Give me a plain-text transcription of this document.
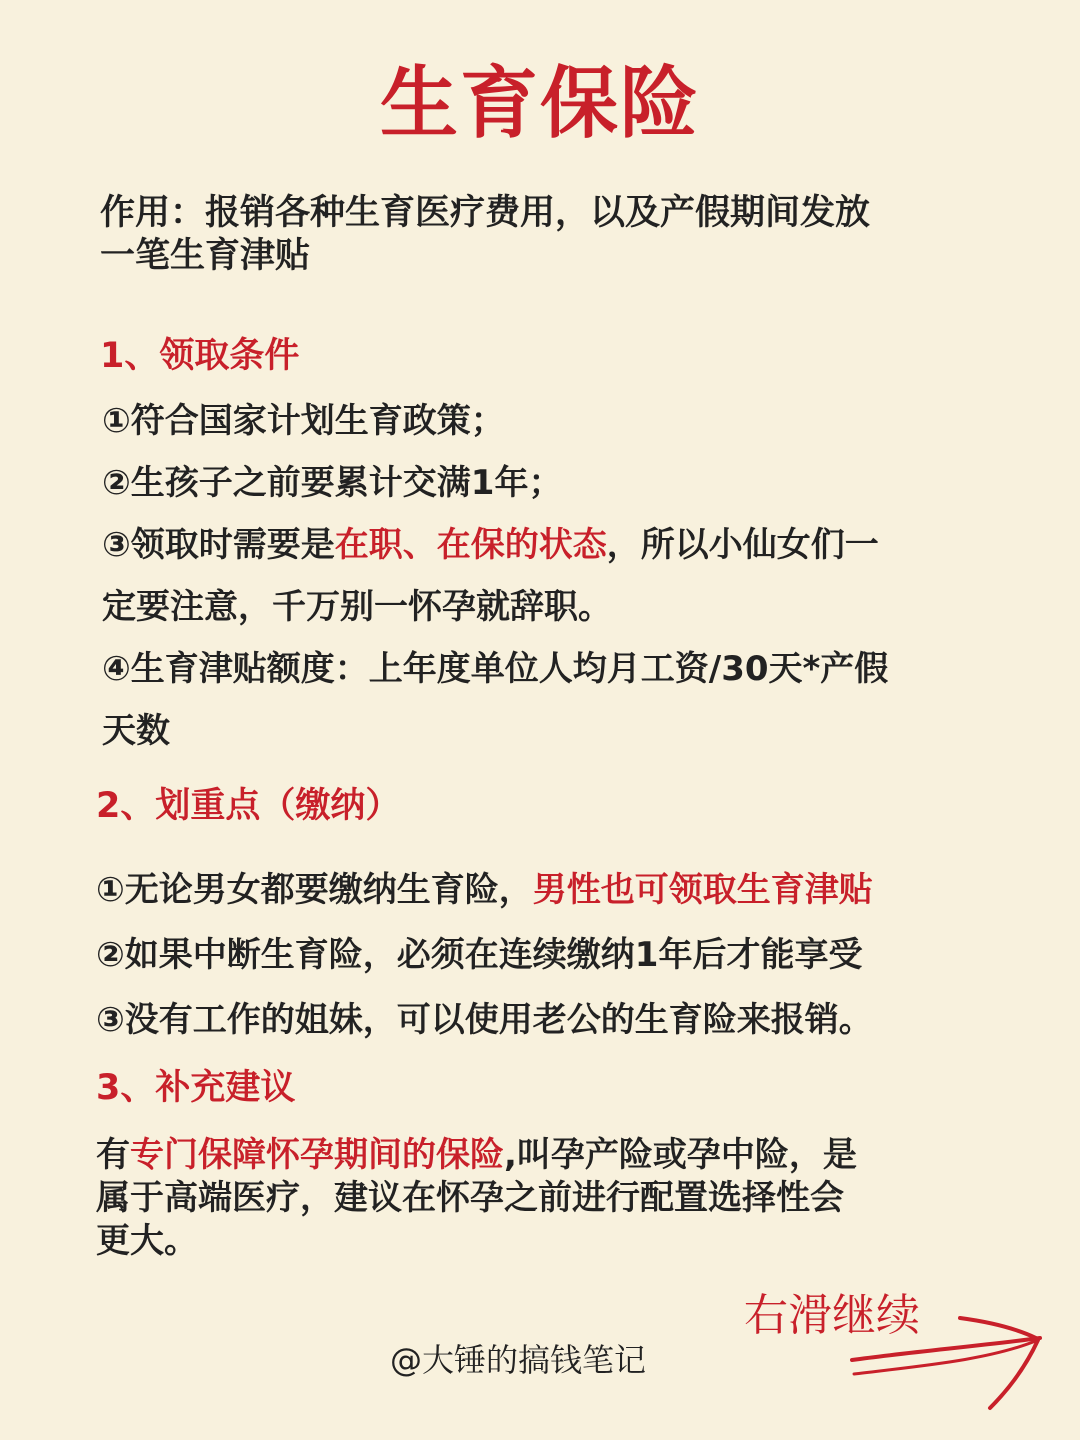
生育保险
作用：报销各种生育医疗费用，以及产假期间发放
一笔生育津贴
1、领取条件
①符合国家计划生育政策；
②生孩子之前要累计交满1年；
③领取时需要是在职、在保的状态，所以小仙女们一
定要注意，千万别一怀孕就辞职。
④生育津贴额度：上年度单位人均月工资/30天*产假
天数
2、划重点（缴纳）
①无论男女都要缴纳生育险，男性也可领取生育津贴
②如果中断生育险，必须在连续缴纳1年后才能享受
③没有工作的姐妹，可以使用老公的生育险来报销。
3、补充建议
有专门保障怀孕期间的保险,叫孕产险或孕中险，是
属于高端医疗，建议在怀孕之前进行配置选择性会
更大。
@大锤的搞钱笔记
右滑继续
